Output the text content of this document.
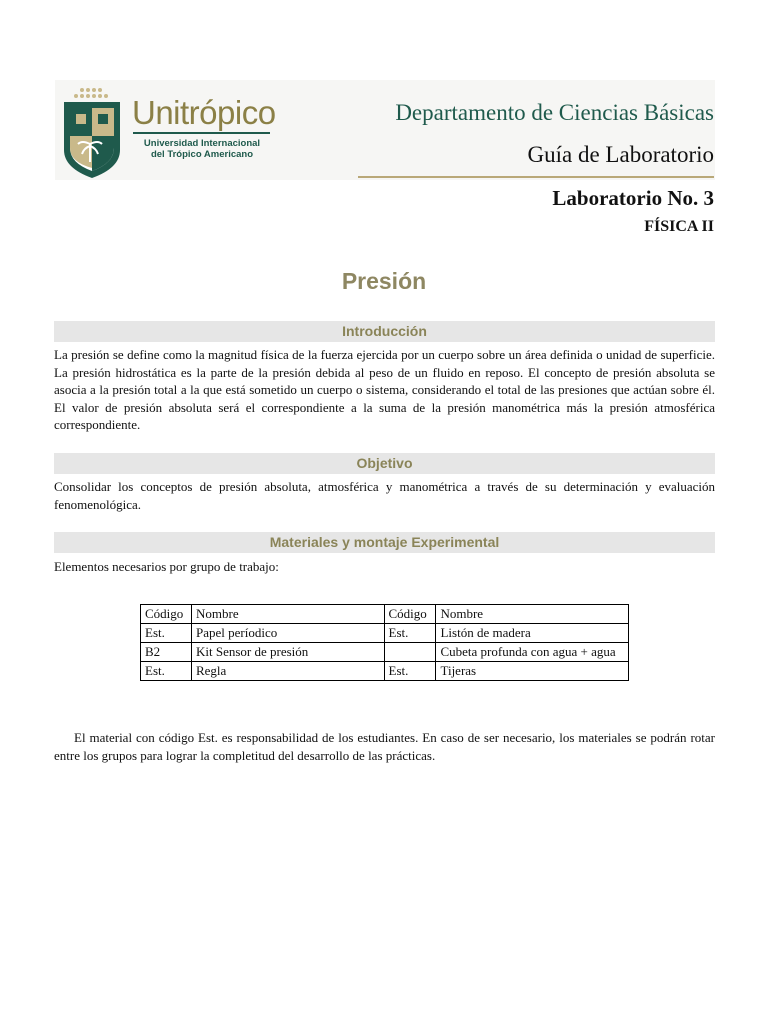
Unitrópico
Universidad Internacional
del Trópico Americano
Departamento de Ciencias Básicas
Guía de Laboratorio
Laboratorio No. 3
FÍSICA II
Presión
Introducción

La presión se define como la magnitud física de la fuerza ejercida por un cuerpo sobre un área definida o unidad de superficie. La presión hidrostática es la parte de la presión debida al peso de un fluido en reposo. El concepto de presión absoluta se asocia a la presión total a la que está sometido un cuerpo o sistema, considerando el total de las presiones que actúan sobre él. El valor de presión absoluta será el correspondiente a la suma de la presión manométrica más la presión atmosférica correspondiente.

Objetivo

Consolidar los conceptos de presión absoluta, atmosférica y manométrica a través de su determinación y evaluación fenomenológica.

Materiales y montaje Experimental

Elementos necesarios por grupo de trabajo:

Código	Nombre	Código	Nombre
Est.	Papel períodico	Est.	Listón de madera
B2	Kit Sensor de presión		Cubeta profunda con agua + agua
Est.	Regla	Est.	Tijeras

El material con código Est. es responsabilidad de los estudiantes. En caso de ser necesario, los materiales se podrán rotar entre los grupos para lograr la completitud del desarrollo de las prácticas.
